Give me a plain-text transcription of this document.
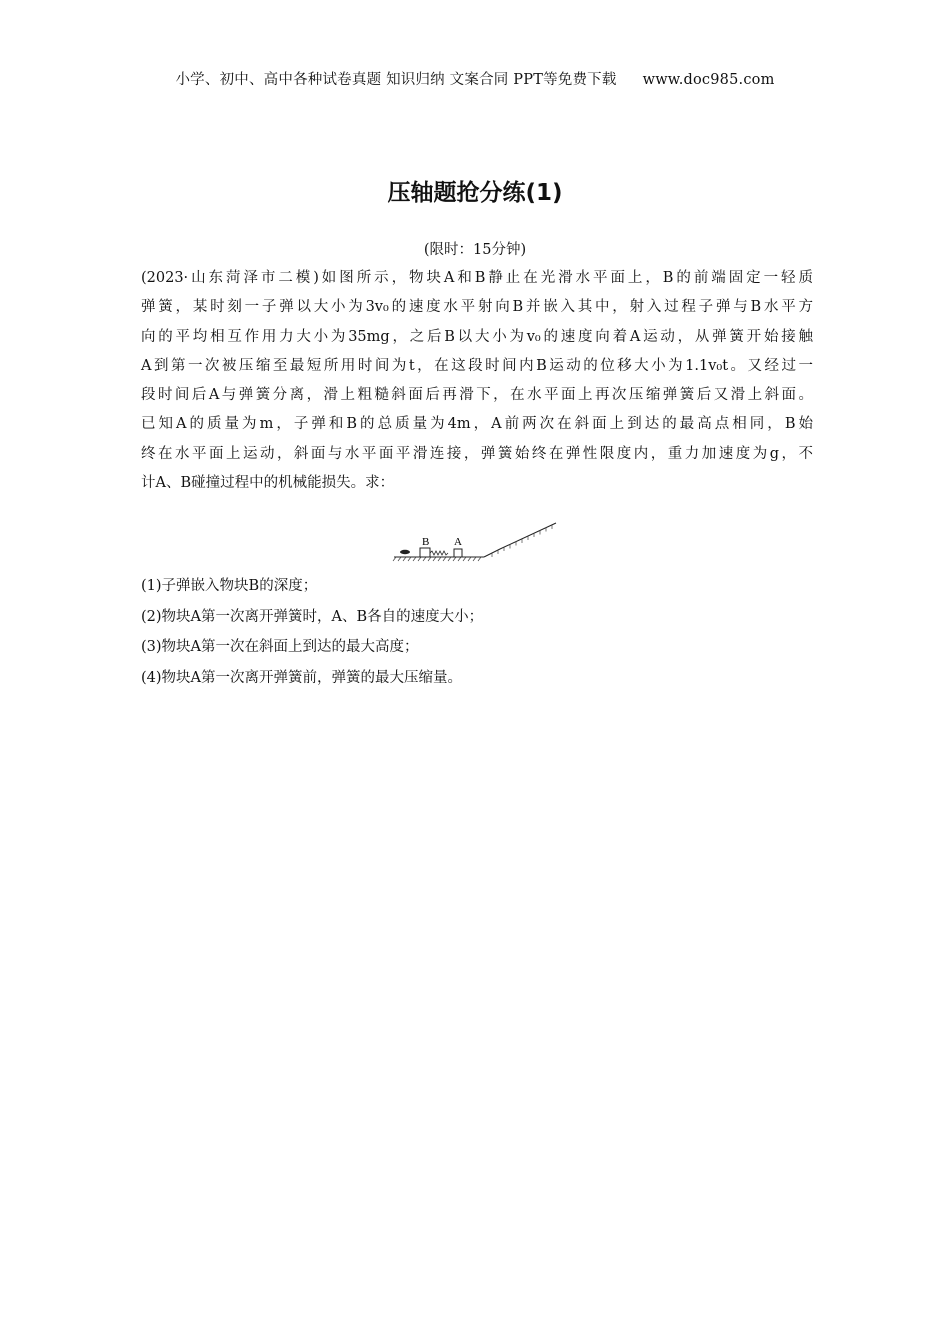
小学、初中、高中各种试卷真题 知识归纳 文案合同 PPT等免费下载 www.doc985.com
压轴题抢分练(1)
(限时：15分钟)
(2023·山东菏泽市二模)如图所示，物块A和B静止在光滑水平面上，B的前端固定一轻质
弹簧，某时刻一子弹以大小为3v₀的速度水平射向B并嵌入其中，射入过程子弹与B水平方
向的平均相互作用力大小为35mg，之后B以大小为v₀的速度向着A运动，从弹簧开始接触
A到第一次被压缩至最短所用时间为t，在这段时间内B运动的位移大小为1.1v₀t。又经过一
段时间后A与弹簧分离，滑上粗糙斜面后再滑下，在水平面上再次压缩弹簧后又滑上斜面。
已知A的质量为m，子弹和B的总质量为4m，A前两次在斜面上到达的最高点相同，B始
终在水平面上运动，斜面与水平面平滑连接，弹簧始终在弹性限度内，重力加速度为g，不
计A、B碰撞过程中的机械能损失。求：
B A
(1)子弹嵌入物块B的深度；
(2)物块A第一次离开弹簧时，A、B各自的速度大小；
(3)物块A第一次在斜面上到达的最大高度；
(4)物块A第一次离开弹簧前，弹簧的最大压缩量。
